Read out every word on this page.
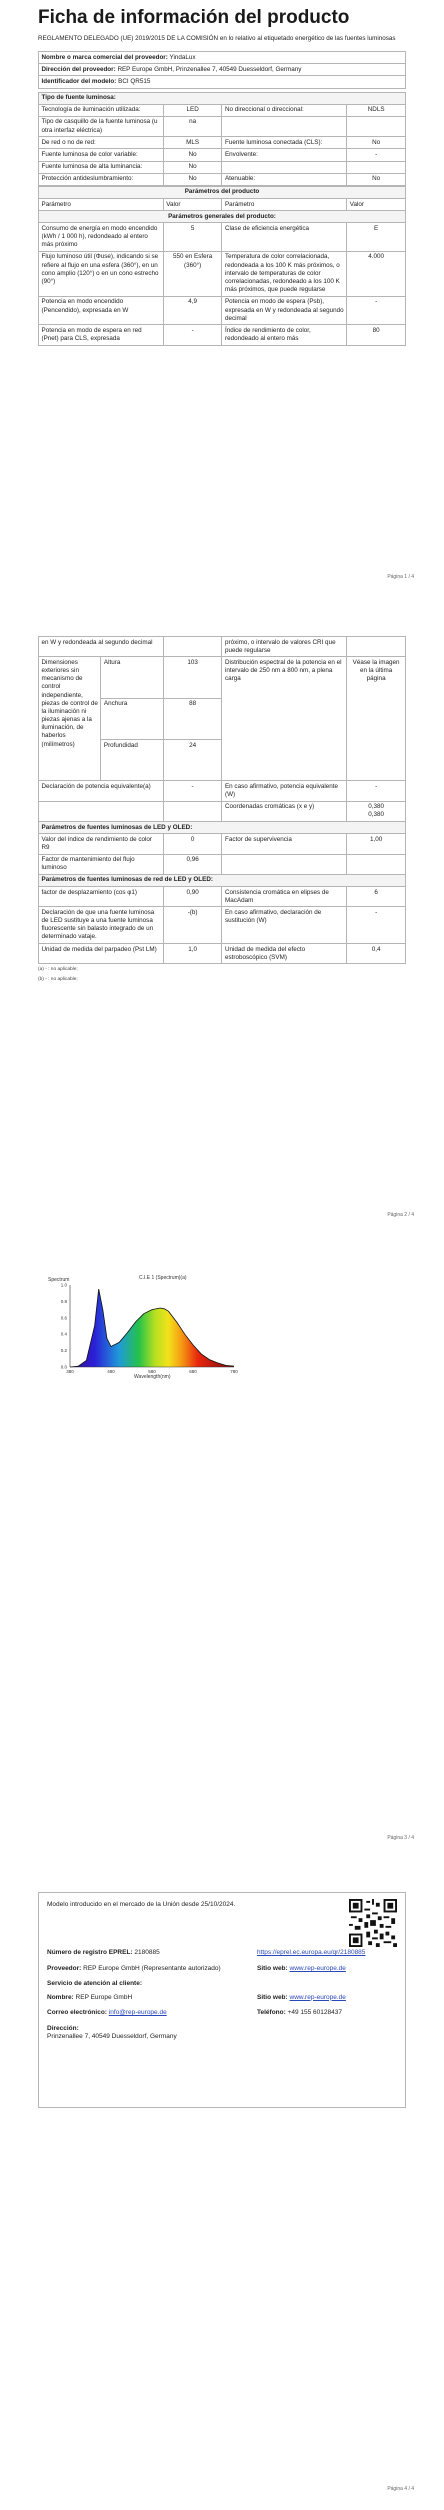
Ficha de información del producto
REGLAMENTO DELEGADO (UE) 2019/2015 DE LA COMISIÓN en lo relativo al etiquetado energético de las fuentes luminosas
Nombre o marca comercial del proveedor: YindaLux
Dirección del proveedor: REP Europe GmbH, Prinzenallee 7, 40549 Duesseldorf, Germany
Identificador del modelo: BCI QR515
Tipo de fuente luminosa:			
Tecnología de iluminación utilizada:	LED	No direccional o direccional:	NDLS
Tipo de casquillo de la fuente luminosa (u otra interfaz eléctrica)	na		
De red o no de red:	MLS	Fuente luminosa conectada (CLS):	No
Fuente luminosa de color variable:	No	Envolvente:	-
Fuente luminosa de alta luminancia:	No		
Protección antideslumbramiento:	No	Atenuable:	No
Parámetros del producto			
Parámetro	Valor	Parámetro	Valor
Parámetros generales del producto:			
Consumo de energía en modo encendido (kWh / 1 000 h), redondeado al entero más próximo	5	Clase de eficiencia energética	E
Flujo luminoso útil (Φuse), indicando si se refiere al flujo en una esfera (360°), en un cono amplio (120°) o en un cono estrecho (90°)	550 en Esfera (360°)	Temperatura de color correlacionada, redondeada a los 100 K más próximos, o intervalo de temperaturas de color correlacionadas, redondeado a los 100 K más próximos, que puede regularse	4.000
Potencia en modo encendido (Pencendido), expresada en W	4,9	Potencia en modo de espera (Psb), expresada en W y redondeada al segundo decimal	-
Potencia en modo de espera en red (Pnet) para CLS, expresada	-	Índice de rendimiento de color, redondeado al entero más	80
Página 1 / 4
en W y redondeada al segundo decimal			próximo, o intervalo de valores CRI que puede regularse	
Dimensiones exteriores sin mecanismo de control independiente, piezas de control de la iluminación ni piezas ajenas a la iluminación, de haberlos (milímetros)	Altura	103	Distribución espectral de la potencia en el intervalo de 250 nm a 800 nm, a plena carga	Véase la imagen en la última página
	Anchura	88		
	Profundidad	24		
Declaración de potencia equivalente(a)		-	En caso afirmativo, potencia equivalente (W)	-
			Coordenadas cromáticas (x e y)	0,380
0,380

Parámetros de fuentes luminosas de LED y OLED:				
Valor del índice de rendimiento de color R9		0	Factor de supervivencia	1,00
Factor de mantenimiento del flujo luminoso		0,96		
Parámetros de fuentes luminosas de red de LED y OLED:				
factor de desplazamiento (cos φ1)		0,90	Consistencia cromática en elipses de MacAdam	6
Declaración de que una fuente luminosa de LED sustituye a una fuente luminosa fluorescente sin balasto integrado de un determinado vataje.		-(b)	En caso afirmativo, declaración de sustitución (W)	-
Unidad de medida del parpadeo (Pst LM)		1,0	Unidad de medida del efecto estroboscópico (SVM)	0,4
(a) - : no aplicable;
(b) - : no aplicable;
Página 2 / 4
Spectrum	C.I.E 1 (Spectrum)(a)
1.0
0.8
0.6
0.4
0.2
0.0
380	480	580	680	780
Wavelength(nm)
Página 3 / 4
Modelo introducido en el mercado de la Unión desde 25/10/2024.
Número de registro EPREL: 2180885	https://eprel.ec.europa.eu/qr/2180885
Proveedor: REP Europe GmbH (Representante autorizado)	Sitio web: www.rep-europe.de
Servicio de atención al cliente:
Nombre: REP Europe GmbH	Sitio web: www.rep-europe.de
Correo electrónico: info@rep-europe.de	Teléfono: +49 155 60128437
Dirección:
Prinzenallee 7, 40549 Duesseldorf, Germany
Página 4 / 4
